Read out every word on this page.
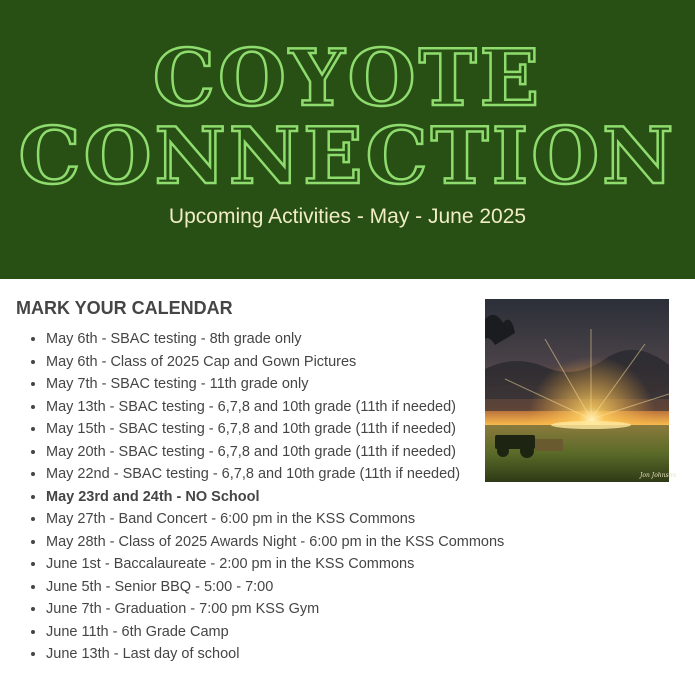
COYOTE
CONNECTION

Upcoming Activities - May - June 2025

MARK YOUR CALENDAR
• May 6th - SBAC testing - 8th grade only
• May 6th - Class of 2025 Cap and Gown Pictures
• May 7th - SBAC testing - 11th grade only
• May 13th - SBAC testing - 6,7,8 and 10th grade (11th if needed)
• May 15th - SBAC testing - 6,7,8 and 10th grade (11th if needed)
• May 20th - SBAC testing - 6,7,8 and 10th grade (11th if needed)
• May 22nd - SBAC testing - 6,7,8 and 10th grade (11th if needed)
• May 23rd and 24th - NO School
• May 27th - Band Concert - 6:00 pm in the KSS Commons
• May 28th - Class of 2025 Awards Night - 6:00 pm in the KSS Commons
• June 1st - Baccalaureate - 2:00 pm in the KSS Commons
• June 5th - Senior BBQ - 5:00 - 7:00
• June 7th - Graduation - 7:00 pm KSS Gym
• June 11th - 6th Grade Camp
• June 13th - Last day of school
Jon Johnson
